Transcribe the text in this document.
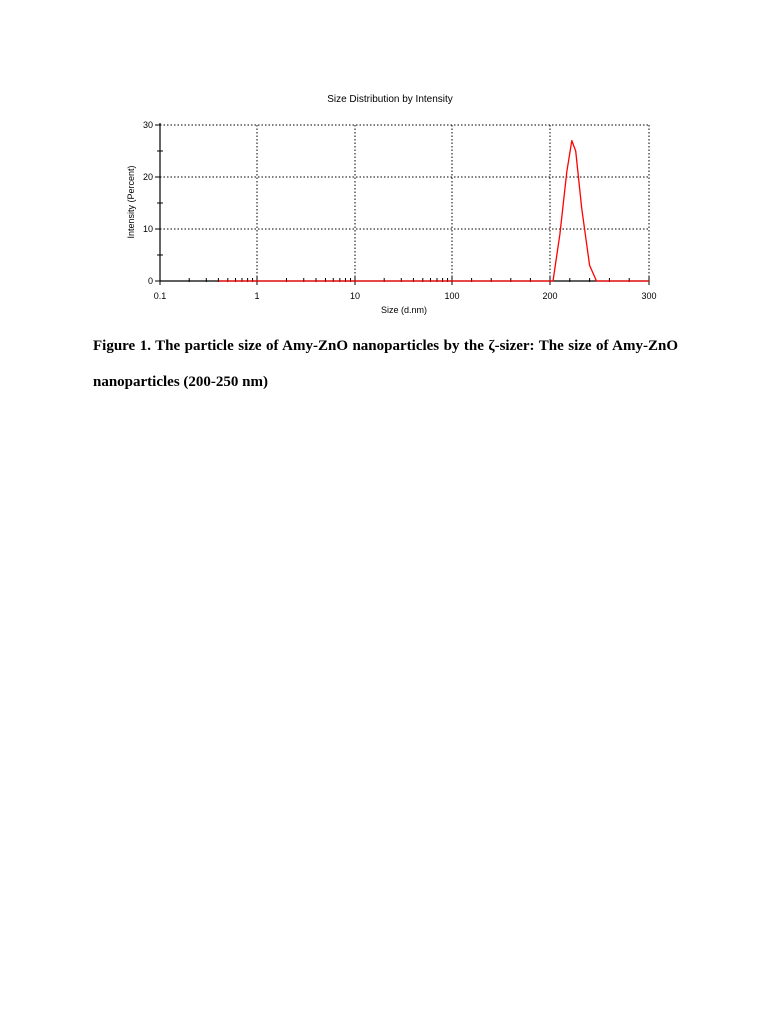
Size Distribution by Intensity
Size (d.nm)
Intensity (Percent)
0.1	1	10	100	200	300
0
10
20
30
Figure 1. The particle size of Amy-ZnO nanoparticles by the ζ-sizer: The size of Amy-ZnO nanoparticles (200-250 nm)
